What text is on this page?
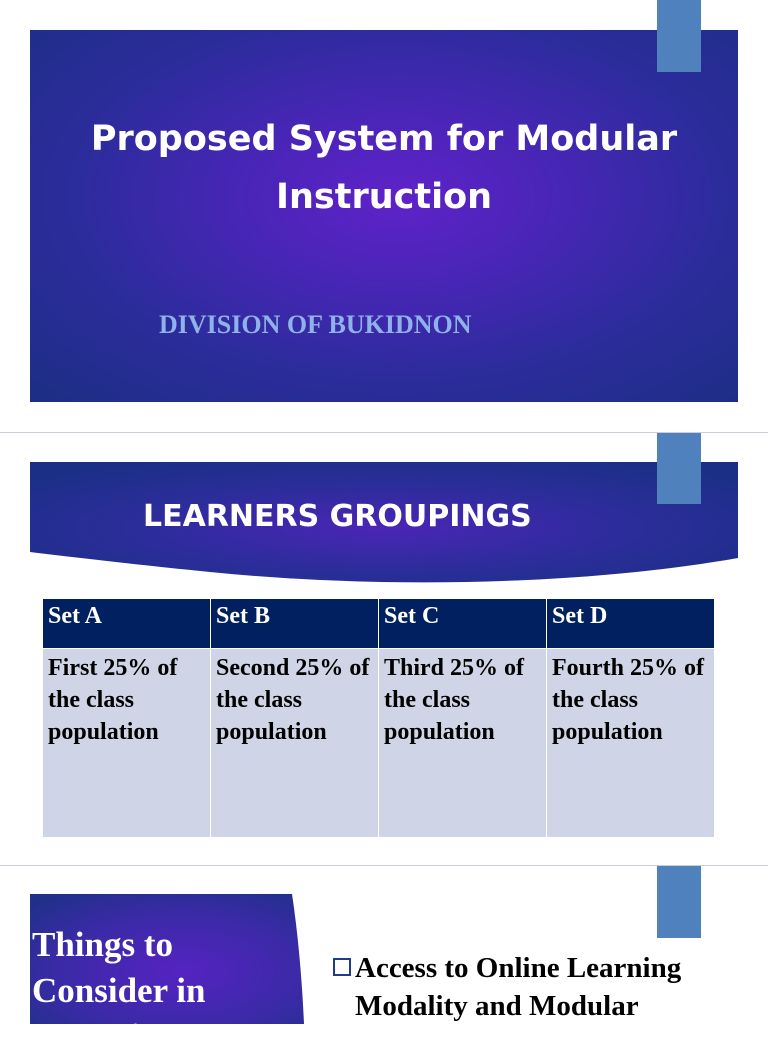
Proposed System for Modular Instruction
DIVISION OF BUKIDNON
LEARNERS GROUPINGS
Set A	Set B	Set C	Set D
First 25% of the class population	Second 25% of the class population	Third 25% of the class population	Fourth 25% of the class population
Things to Consider in Grouping
Access to Online Learning Modality and Modular
